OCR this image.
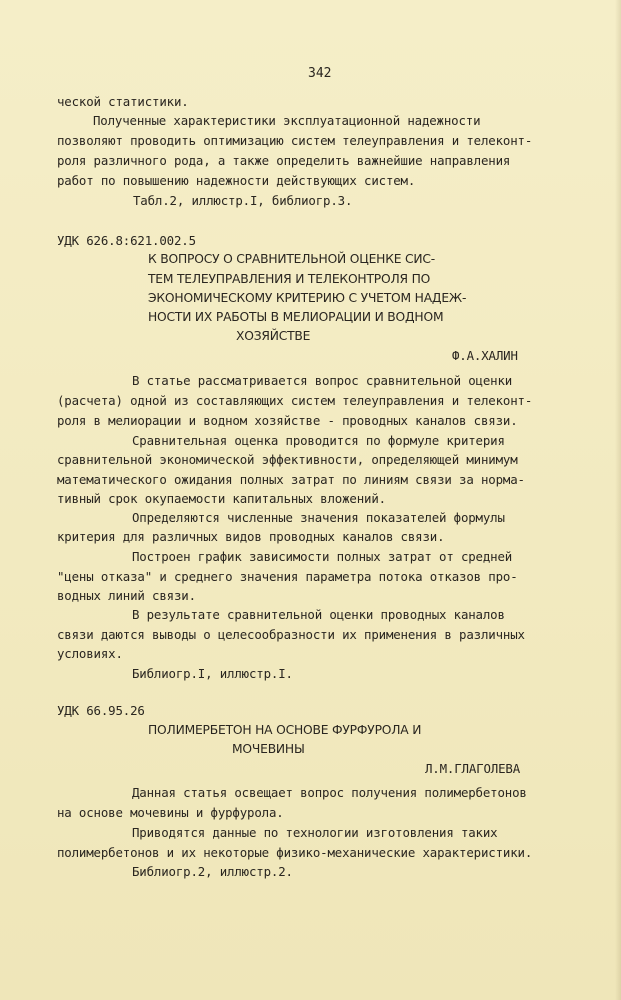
342
ческой статистики.
Полученные характеристики эксплуатационной надежности
позволяют проводить оптимизацию систем телеуправления и телеконт-
роля различного рода, а также определить важнейшие направления
работ по повышению надежности действующих систем.
Табл.2, иллюстр.I, библиогр.3.
УДК 626.8:621.002.5
К ВОПРОСУ О СРАВНИТЕЛЬНОЙ ОЦЕНКЕ СИС-
ТЕМ ТЕЛЕУПРАВЛЕНИЯ И ТЕЛЕКОНТРОЛЯ ПО
ЭКОНОМИЧЕСКОМУ КРИТЕРИЮ С УЧЕТОМ НАДЕЖ-
НОСТИ ИХ РАБОТЫ В МЕЛИОРАЦИИ И ВОДНОМ
ХОЗЯЙСТВЕ
Ф.А.ХАЛИН
В статье рассматривается вопрос сравнительной оценки
(расчета) одной из составляющих систем телеуправления и телеконт-
роля в мелиорации и водном хозяйстве - проводных каналов связи.
Сравнительная оценка проводится по формуле критерия
сравнительной экономической эффективности, определяющей минимум
математического ожидания полных затрат по линиям связи за норма-
тивный срок окупаемости капитальных вложений.
Определяются численные значения показателей формулы
критерия для различных видов проводных каналов связи.
Построен график зависимости полных затрат от средней
"цены отказа" и среднего значения параметра потока отказов про-
водных линий связи.
В результате сравнительной оценки проводных каналов
связи даются выводы о целесообразности их применения в различных
условиях.
Библиогр.I, иллюстр.I.
УДК 66.95.26
ПОЛИМЕРБЕТОН НА ОСНОВЕ ФУРФУРОЛА И
МОЧЕВИНЫ
Л.М.ГЛАГОЛЕВА
Данная статья освещает вопрос получения полимербетонов
на основе мочевины и фурфурола.
Приводятся данные по технологии изготовления таких
полимербетонов и их некоторые физико-механические характеристики.
Библиогр.2, иллюстр.2.
